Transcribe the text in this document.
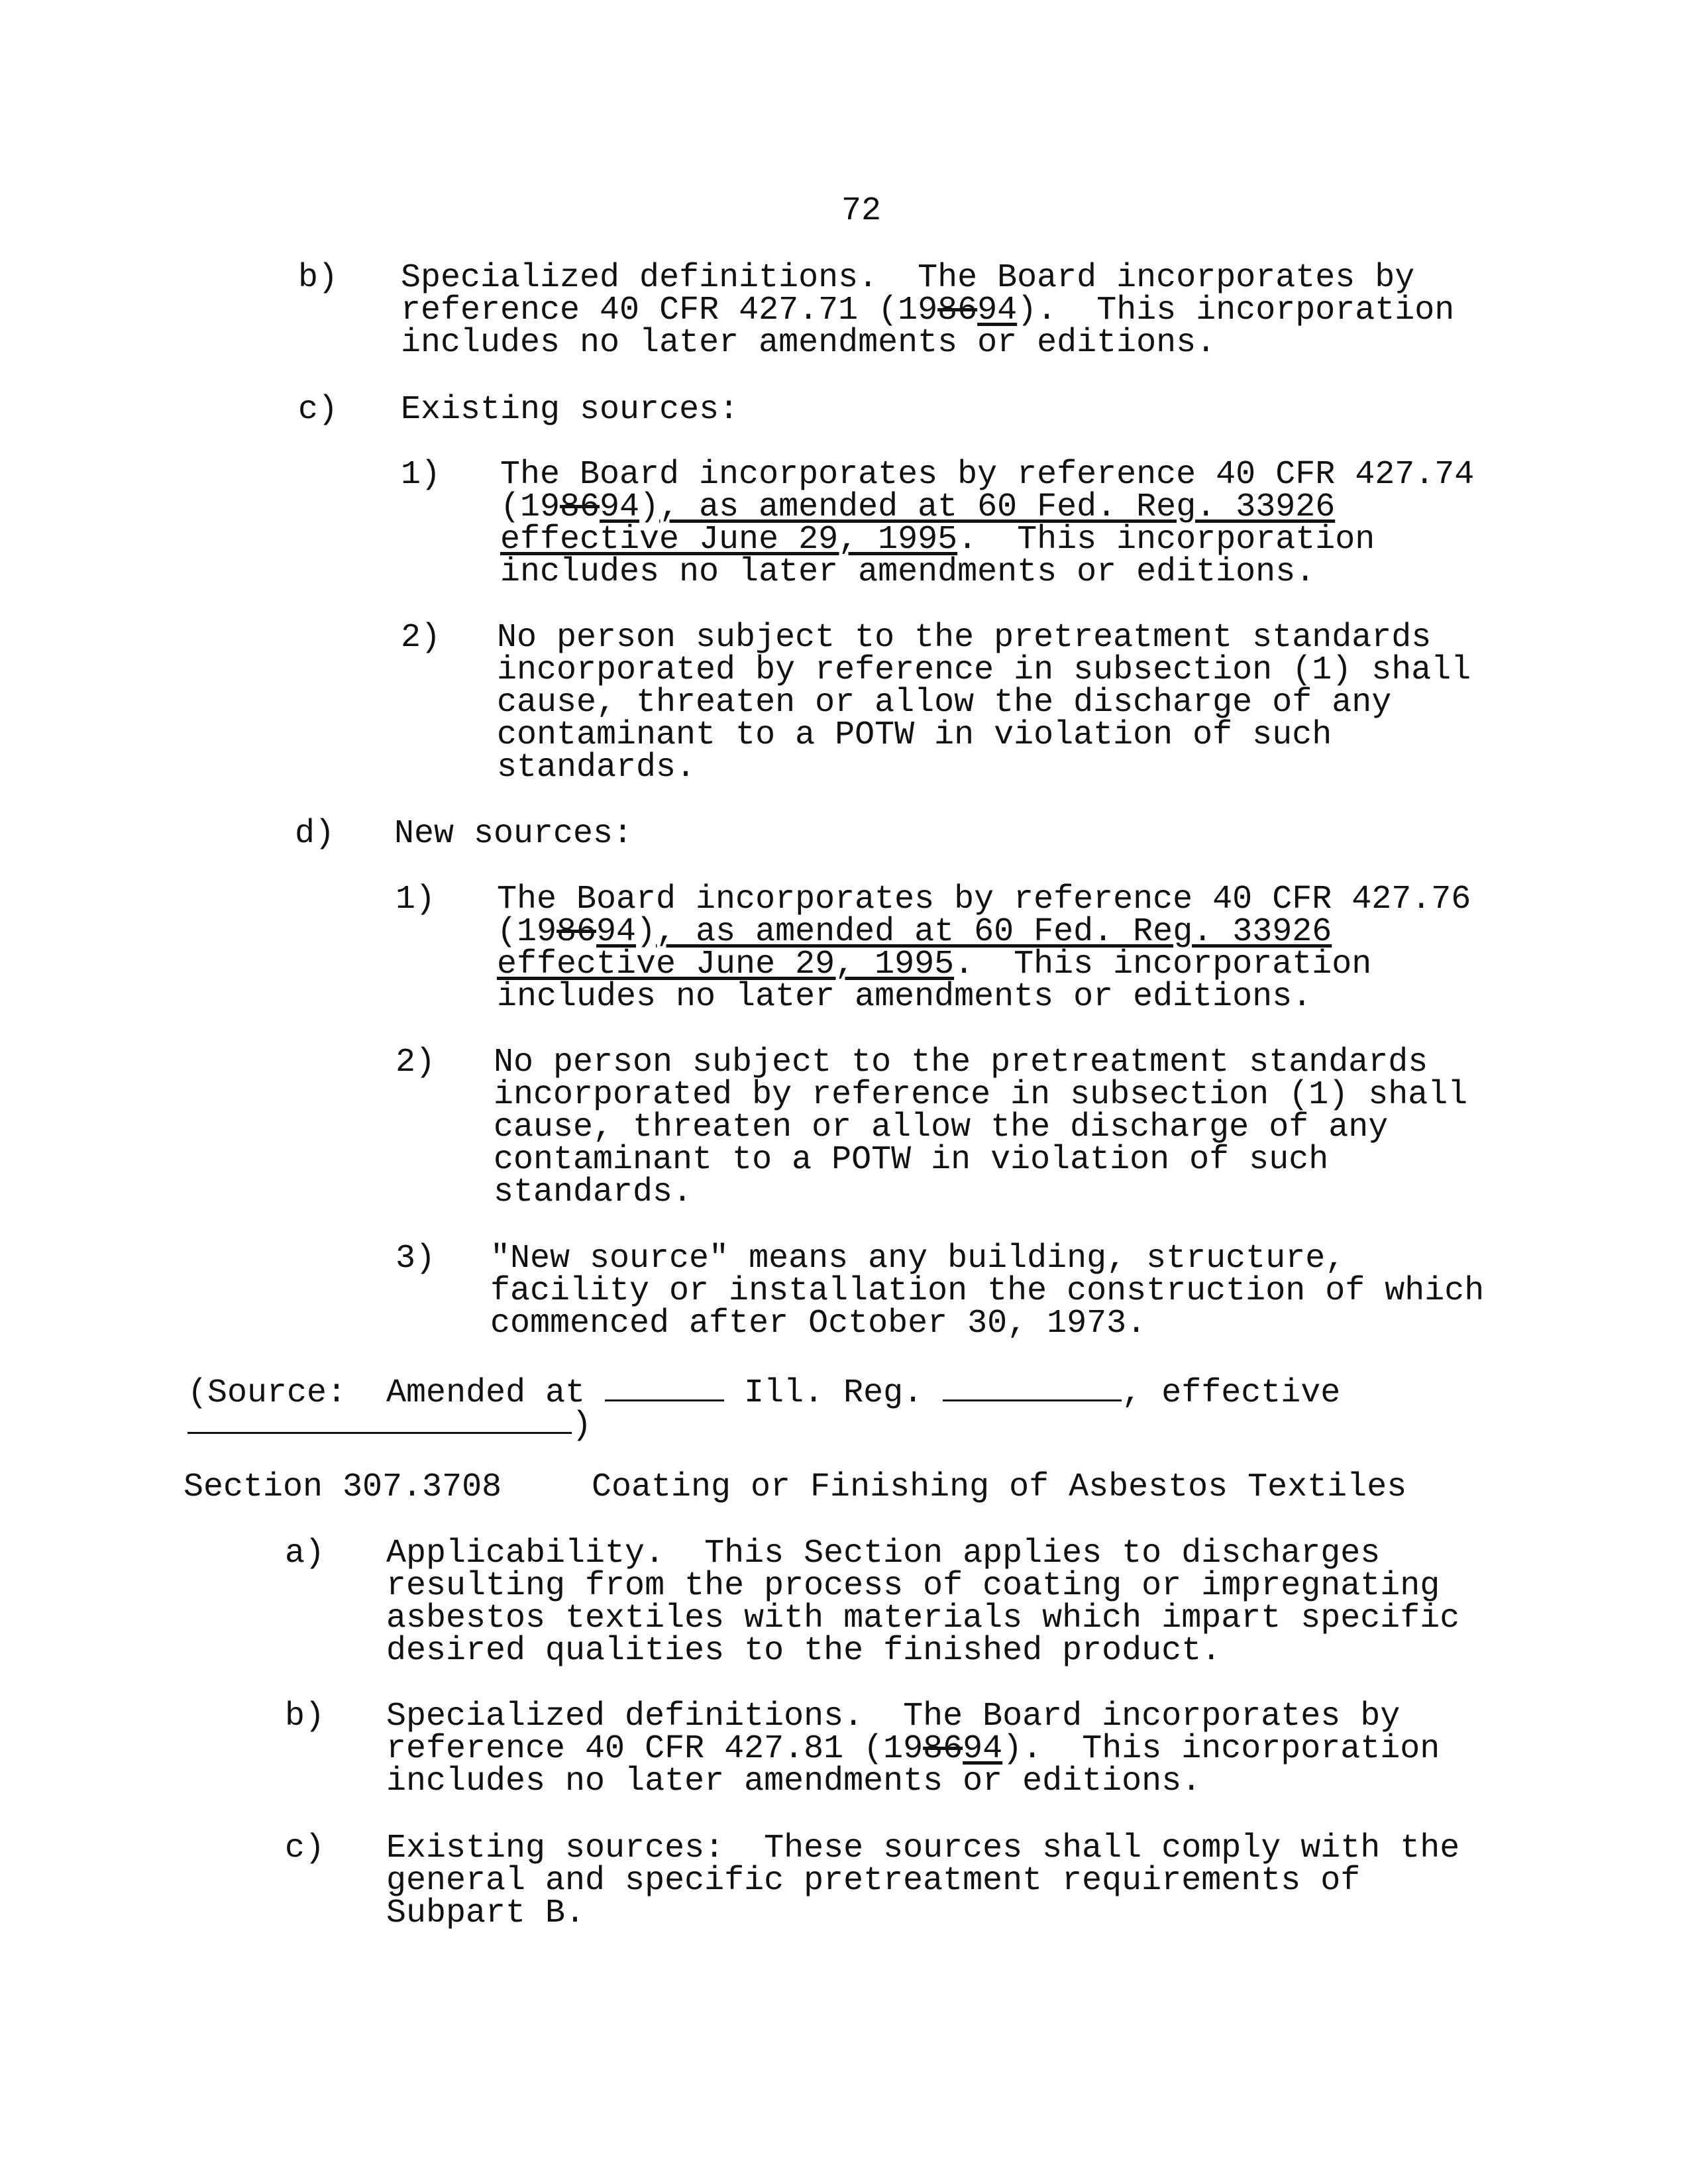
72
b) Specialized definitions.  The Board incorporates by
reference 40 CFR 427.71 (198694).  This incorporation
includes no later amendments or editions.
c) Existing sources:
1) The Board incorporates by reference 40 CFR 427.74
(198694), as amended at 60 Fed. Reg. 33926
effective June 29, 1995.  This incorporation
includes no later amendments or editions.
2) No person subject to the pretreatment standards
incorporated by reference in subsection (1) shall
cause, threaten or allow the discharge of any
contaminant to a POTW in violation of such
standards.
d) New sources:
1) The Board incorporates by reference 40 CFR 427.76
(198694), as amended at 60 Fed. Reg. 33926
effective June 29, 1995.  This incorporation
includes no later amendments or editions.
2) No person subject to the pretreatment standards
incorporated by reference in subsection (1) shall
cause, threaten or allow the discharge of any
contaminant to a POTW in violation of such
standards.
3) "New source" means any building, structure,
facility or installation the construction of which
commenced after October 30, 1973.
(Source:  Amended at	Ill. Reg.	, effective
)
Section 307.3708	Coating or Finishing of Asbestos Textiles
a) Applicability.  This Section applies to discharges
resulting from the process of coating or impregnating
asbestos textiles with materials which impart specific
desired qualities to the finished product.
b) Specialized definitions.  The Board incorporates by
reference 40 CFR 427.81 (198694).  This incorporation
includes no later amendments or editions.
c) Existing sources:  These sources shall comply with the
general and specific pretreatment requirements of
Subpart B.
